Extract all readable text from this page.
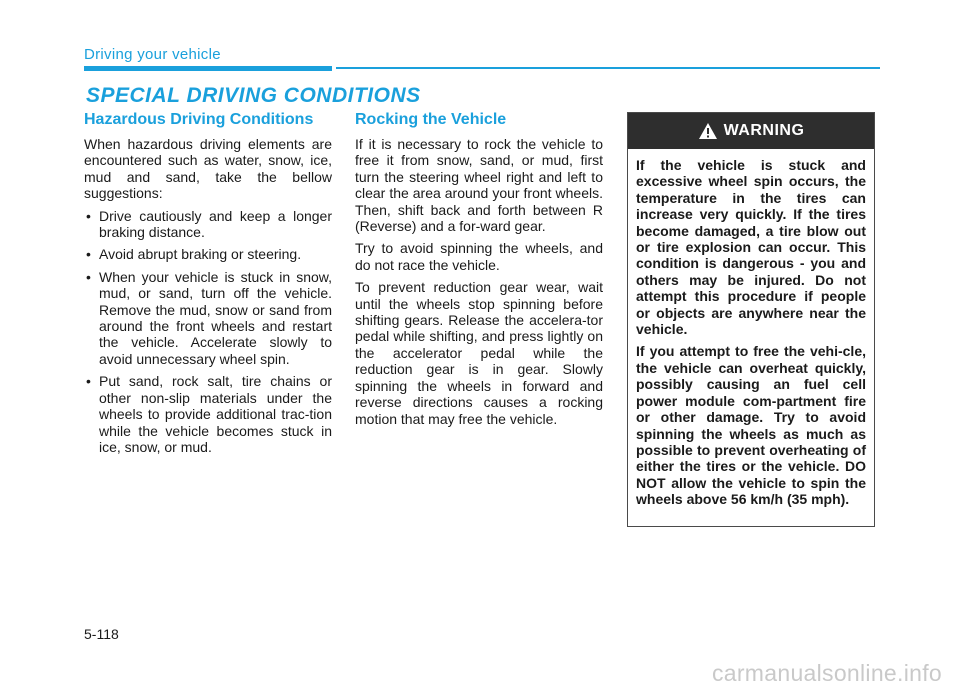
Driving your vehicle
SPECIAL DRIVING CONDITIONS
Hazardous Driving Conditions

When hazardous driving elements are encountered such as water, snow, ice, mud and sand, take the bellow suggestions:

• Drive cautiously and keep a longer braking distance.
• Avoid abrupt braking or steering.
• When your vehicle is stuck in snow, mud, or sand, turn off the vehicle. Remove the mud, snow or sand from around the front wheels and restart the vehicle. Accelerate slowly to avoid unnecessary wheel spin.
• Put sand, rock salt, tire chains or other non-slip materials under the wheels to provide additional trac-tion while the vehicle becomes stuck in ice, snow, or mud.
Rocking the Vehicle

If it is necessary to rock the vehicle to free it from snow, sand, or mud, first turn the steering wheel right and left to clear the area around your front wheels. Then, shift back and forth between R (Reverse) and a for-ward gear.

Try to avoid spinning the wheels, and do not race the vehicle.

To prevent reduction gear wear, wait until the wheels stop spinning before shifting gears. Release the accelera-tor pedal while shifting, and press lightly on the accelerator pedal while the reduction gear is in gear. Slowly spinning the wheels in forward and reverse directions causes a rocking motion that may free the vehicle.

WARNING

If the vehicle is stuck and excessive wheel spin occurs, the temperature in the tires can increase very quickly. If the tires become damaged, a tire blow out or tire explosion can occur. This condition is dangerous - you and others may be injured. Do not attempt this procedure if people or objects are anywhere near the vehicle.

If you attempt to free the vehi-cle, the vehicle can overheat quickly, possibly causing an fuel cell power module com-partment fire or other damage. Try to avoid spinning the wheels as much as possible to prevent overheating of either the tires or the vehicle. DO NOT allow the vehicle to spin the wheels above 56 km/h (35 mph).

5-118
carmanualsonline.info
